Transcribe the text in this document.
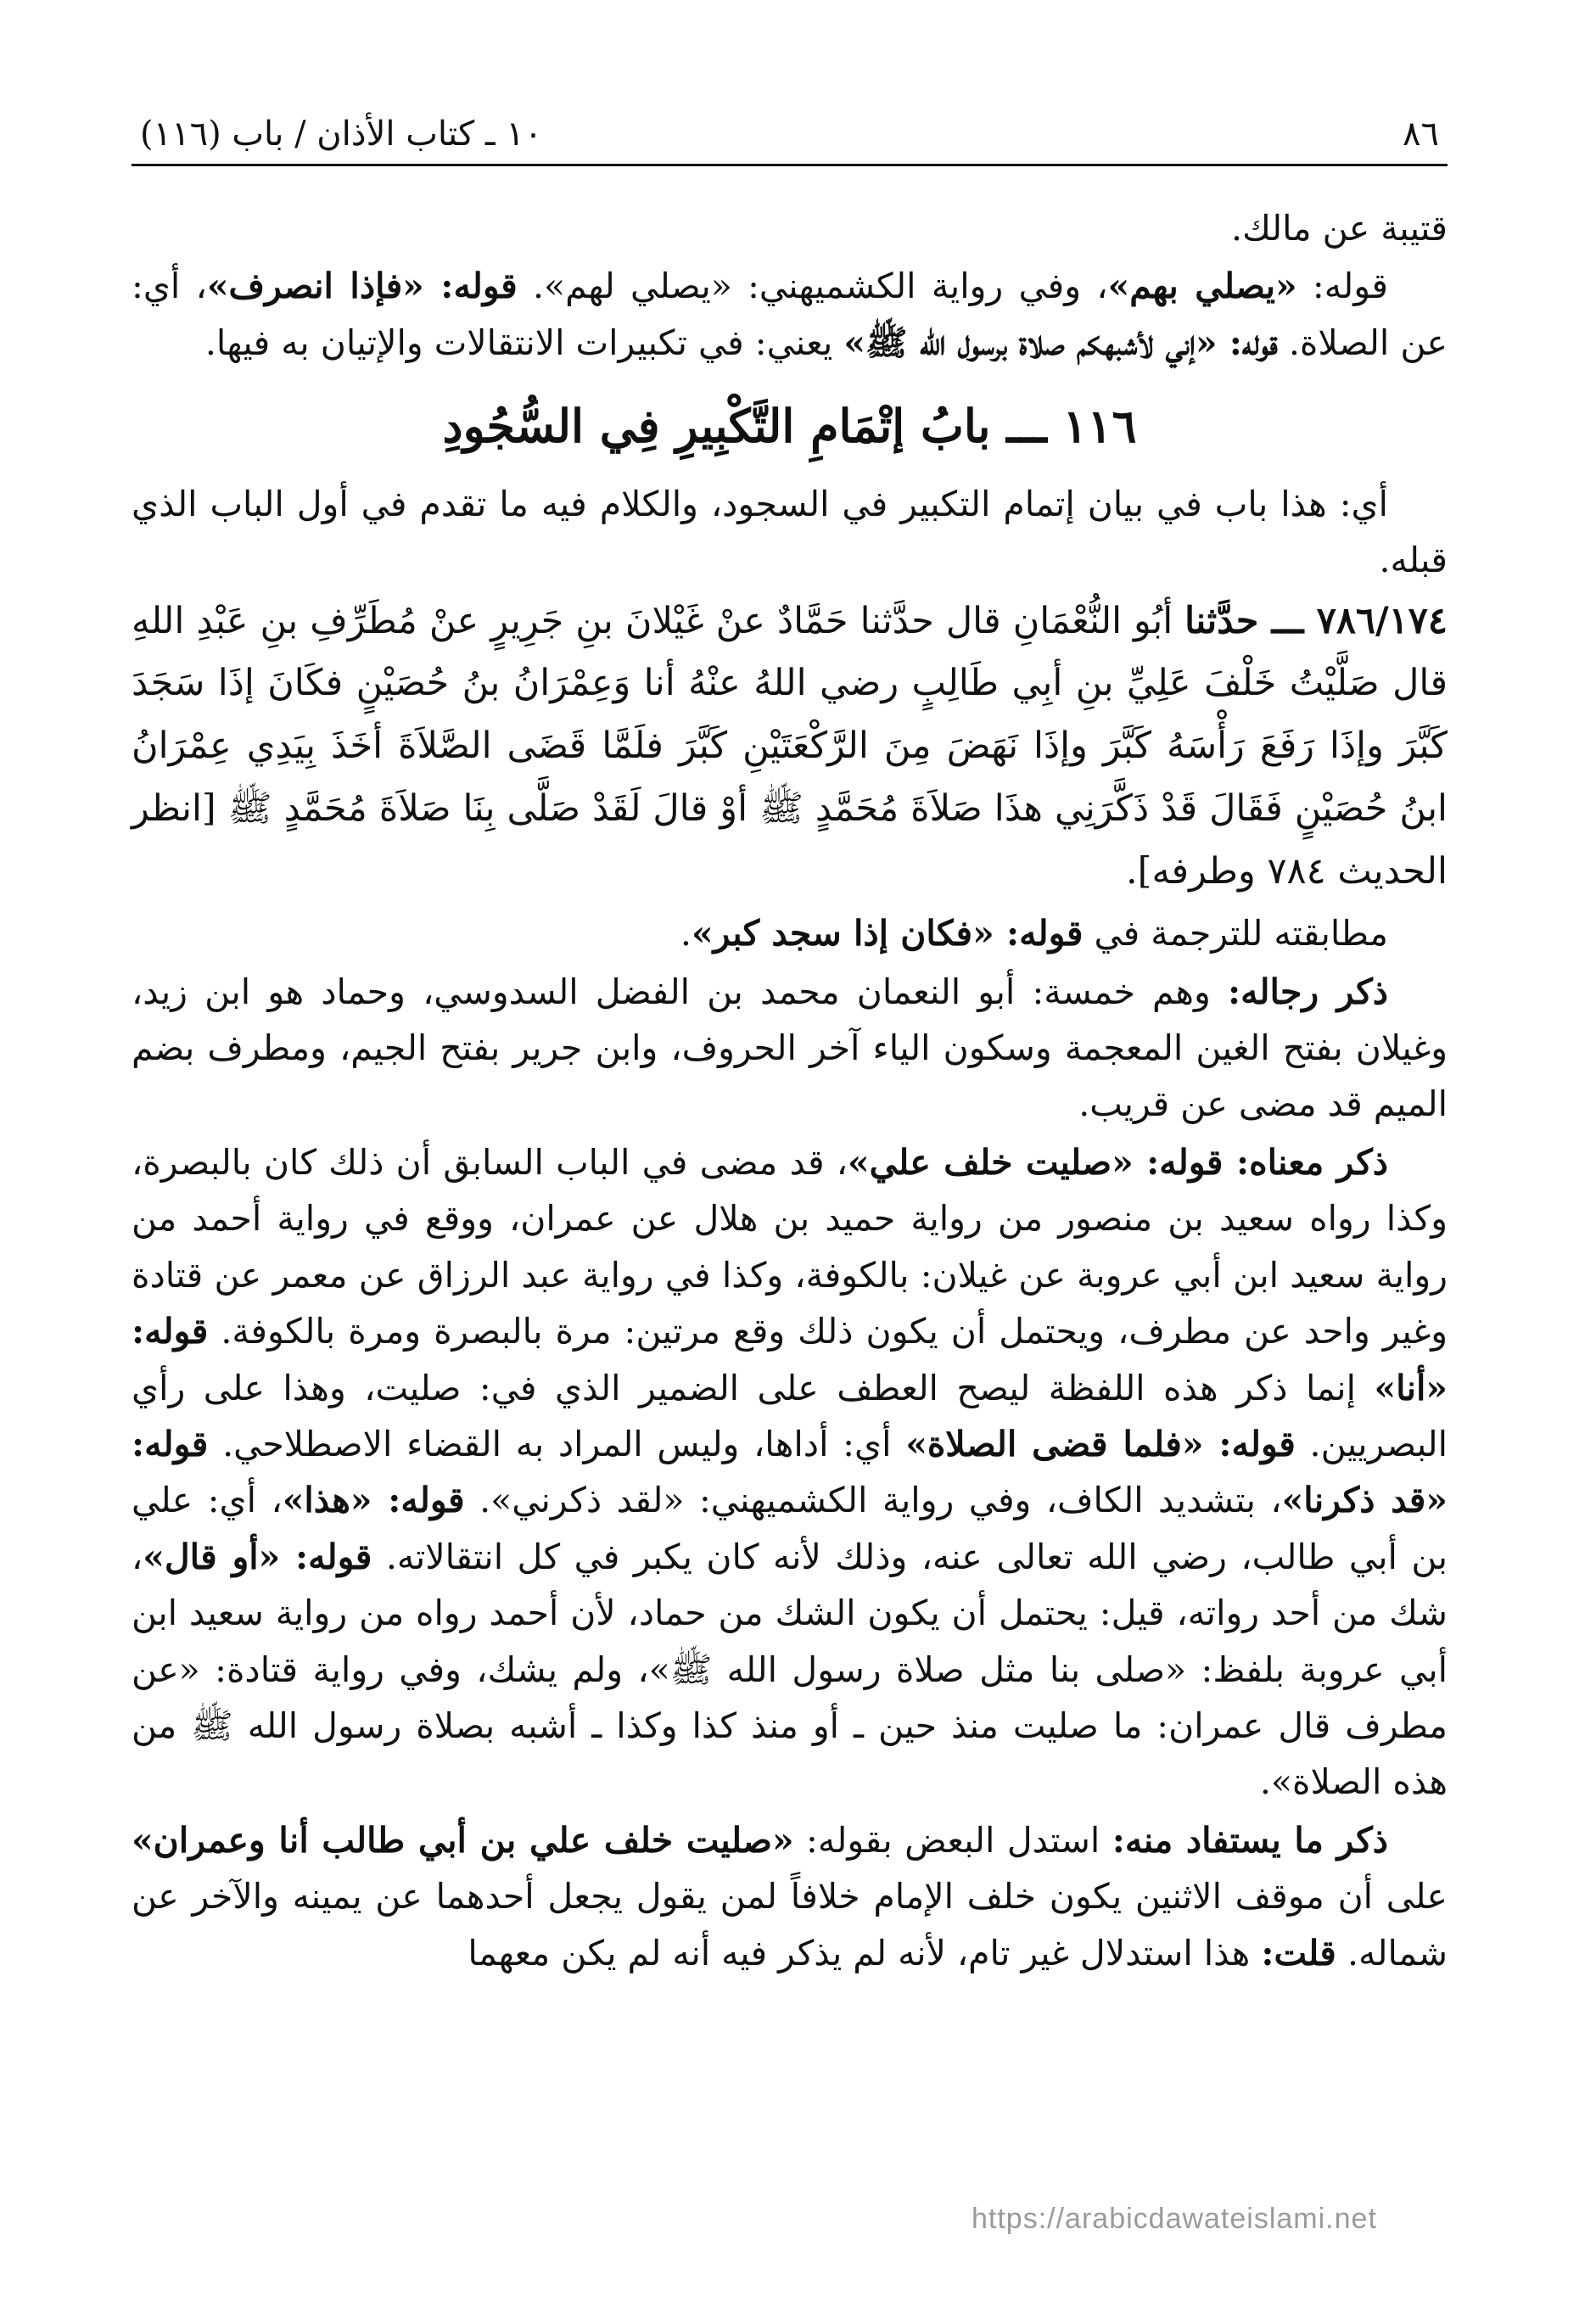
٨٦
١٠ ـ كتاب الأذان / باب (١١٦)

قتيبة عن مالك.

قوله: «يصلي بهم»، وفي رواية الكشميهني: «يصلي لهم». قوله: «فإذا انصرف»، أي: عن الصلاة. قوله: «إني لأشبهكم صلاة برسول الله ﷺ» يعني: في تكبيرات الانتقالات والإتيان به فيها.

١١٦ ـــ بابُ إتْمَامِ التَّكْبِيرِ فِي السُّجُودِ

أي: هذا باب في بيان إتمام التكبير في السجود، والكلام فيه ما تقدم في أول الباب الذي قبله.

٧٨٦/١٧٤ ـــ حدَّثنا أبُو النُّعْمَانِ قال حدَّثنا حَمَّادٌ عنْ غَيْلانَ بنِ جَرِيرٍ عنْ مُطَرِّفِ بنِ عَبْدِ اللهِ قال صَلَّيْتُ خَلْفَ عَلِيِّ بنِ أبِي طَالِبٍ رضي اللهُ عنْهُ أنا وَعِمْرَانُ بنُ حُصَيْنٍ فكَانَ إذَا سَجَدَ كَبَّرَ وإذَا رَفَعَ رَأْسَهُ كَبَّرَ وإذَا نَهَضَ مِنَ الرَّكْعَتَيْنِ كَبَّرَ فلَمَّا قَضَى الصَّلاَةَ أخَذَ بِيَدِي عِمْرَانُ ابنُ حُصَيْنٍ فَقَالَ قَدْ ذَكَّرَنِي هذَا صَلاَةَ مُحَمَّدٍ ﷺ أوْ قالَ لَقَدْ صَلَّى بِنَا صَلاَةَ مُحَمَّدٍ ﷺ [انظر الحديث ٧٨٤ وطرفه].

مطابقته للترجمة في قوله: «فكان إذا سجد كبر».

ذكر رجاله: وهم خمسة: أبو النعمان محمد بن الفضل السدوسي، وحماد هو ابن زيد، وغيلان بفتح الغين المعجمة وسكون الياء آخر الحروف، وابن جرير بفتح الجيم، ومطرف بضم الميم قد مضى عن قريب.

ذكر معناه: قوله: «صليت خلف علي»، قد مضى في الباب السابق أن ذلك كان بالبصرة، وكذا رواه سعيد بن منصور من رواية حميد بن هلال عن عمران، ووقع في رواية أحمد من رواية سعيد ابن أبي عروبة عن غيلان: بالكوفة، وكذا في رواية عبد الرزاق عن معمر عن قتادة وغير واحد عن مطرف، ويحتمل أن يكون ذلك وقع مرتين: مرة بالبصرة ومرة بالكوفة. قوله: «أنا» إنما ذكر هذه اللفظة ليصح العطف على الضمير الذي في: صليت، وهذا على رأي البصريين. قوله: «فلما قضى الصلاة» أي: أداها، وليس المراد به القضاء الاصطلاحي. قوله: «قد ذكرنا»، بتشديد الكاف، وفي رواية الكشميهني: «لقد ذكرني». قوله: «هذا»، أي: علي بن أبي طالب، رضي الله تعالى عنه، وذلك لأنه كان يكبر في كل انتقالاته. قوله: «أو قال»، شك من أحد رواته، قيل: يحتمل أن يكون الشك من حماد، لأن أحمد رواه من رواية سعيد ابن أبي عروبة بلفظ: «صلى بنا مثل صلاة رسول الله ﷺ»، ولم يشك، وفي رواية قتادة: «عن مطرف قال عمران: ما صليت منذ حين ـ أو منذ كذا وكذا ـ أشبه بصلاة رسول الله ﷺ من هذه الصلاة».

ذكر ما يستفاد منه: استدل البعض بقوله: «صليت خلف علي بن أبي طالب أنا وعمران» على أن موقف الاثنين يكون خلف الإمام خلافاً لمن يقول يجعل أحدهما عن يمينه والآخر عن شماله. قلت: هذا استدلال غير تام، لأنه لم يذكر فيه أنه لم يكن معهما

https://arabicdawateislami.net
